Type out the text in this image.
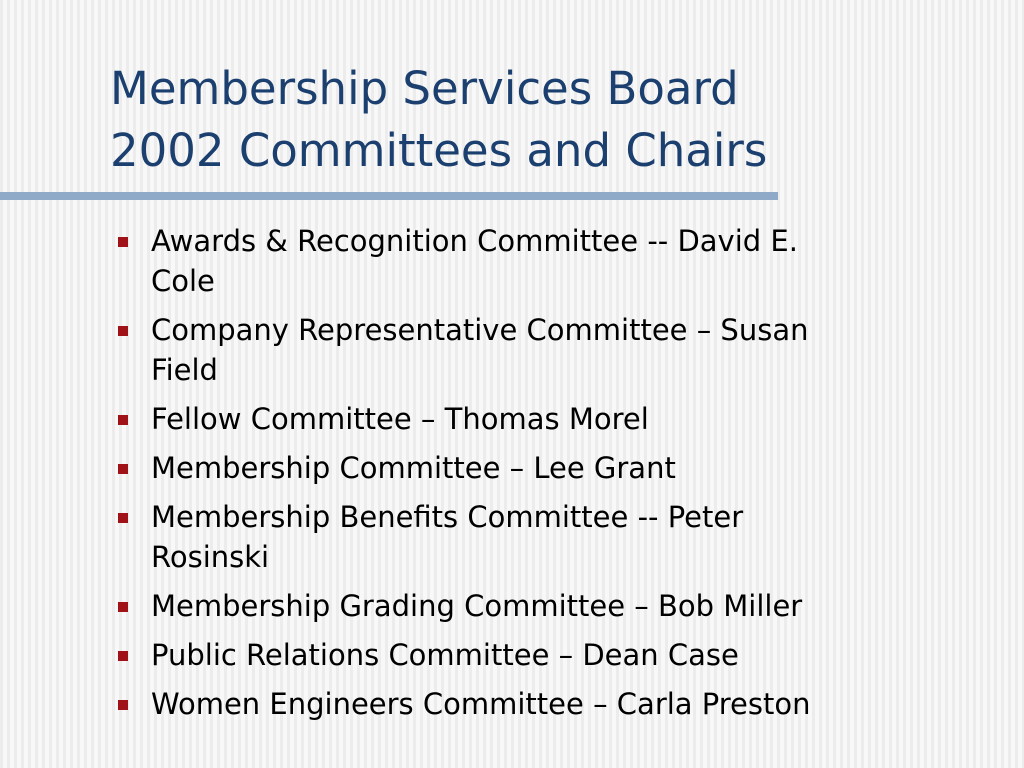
Membership Services Board
2002 Committees and Chairs
Awards & Recognition Committee -- David E.
Cole
Company Representative Committee – Susan
Field
Fellow Committee – Thomas Morel
Membership Committee – Lee Grant
Membership Benefits Committee -- Peter
Rosinski
Membership Grading Committee – Bob Miller
Public Relations Committee – Dean Case
Women Engineers Committee – Carla Preston
